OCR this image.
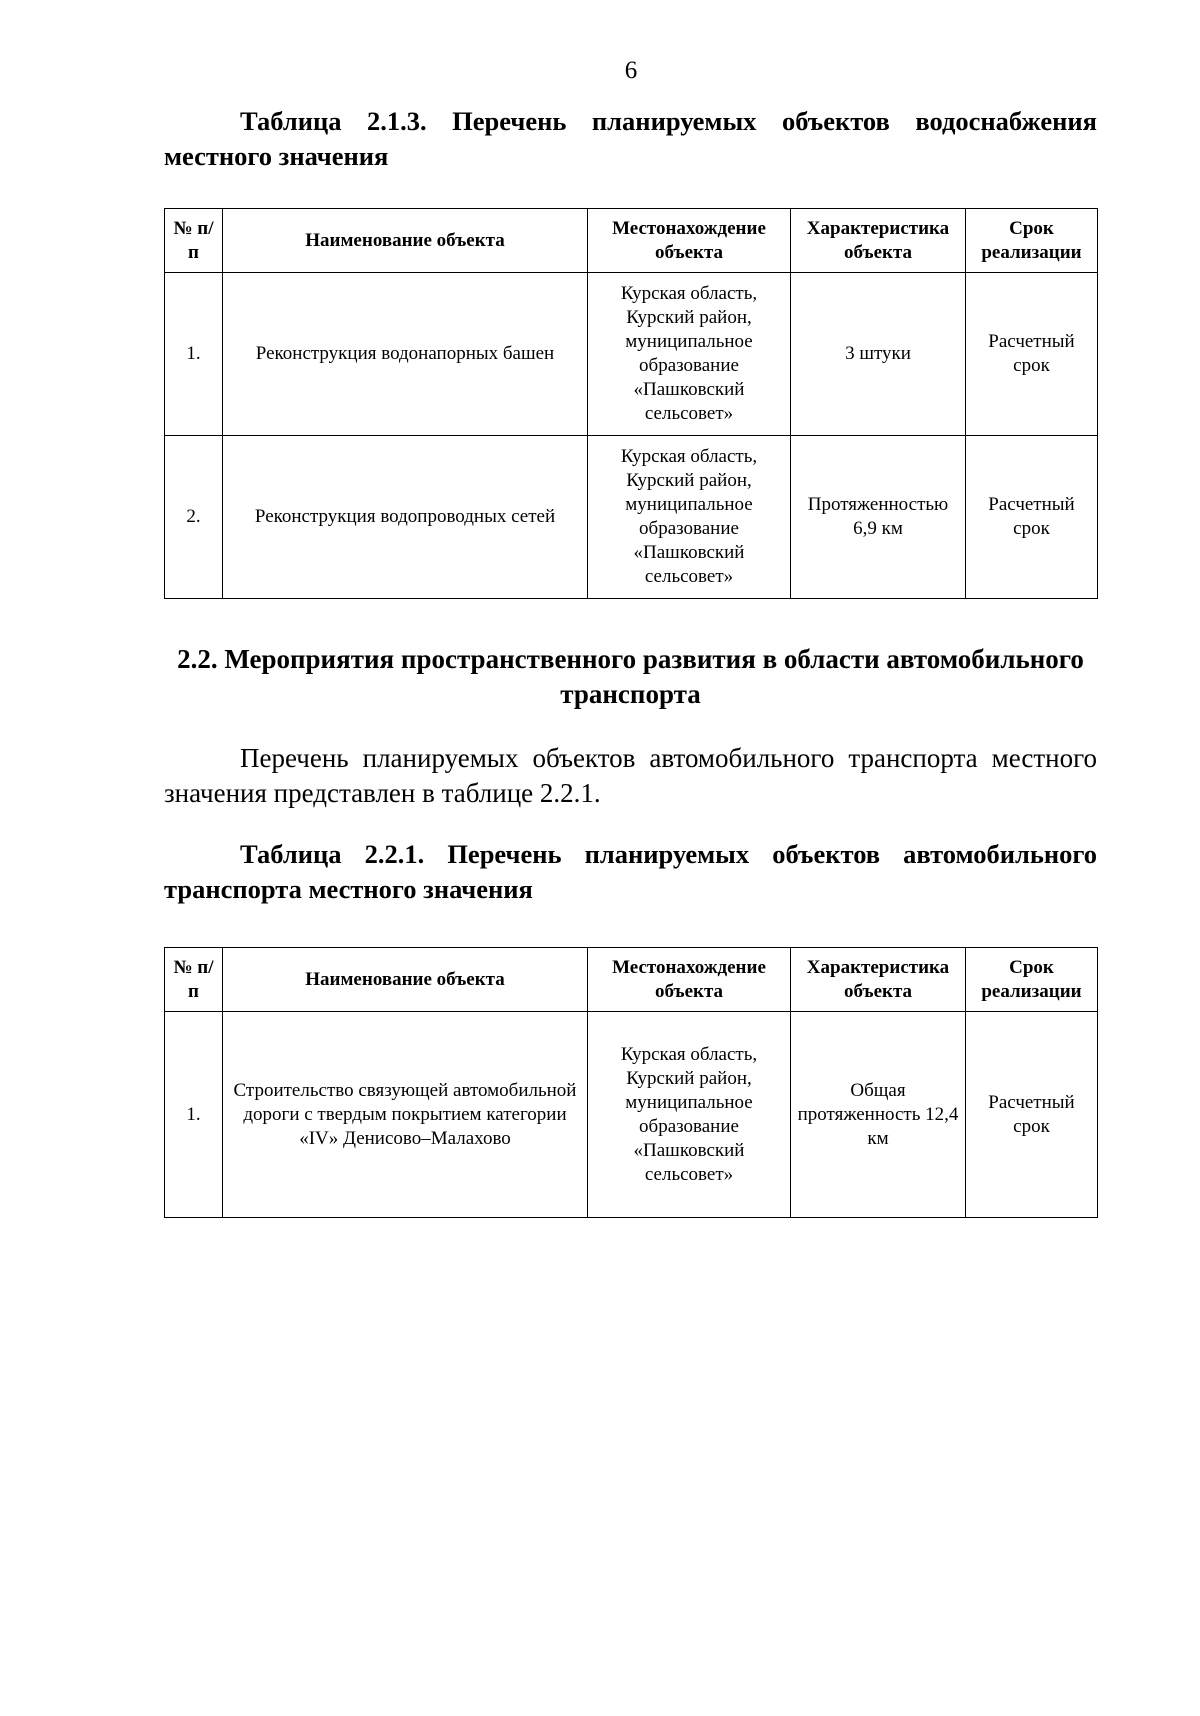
6
Таблица 2.1.3. Перечень планируемых объектов водоснабжения местного значения
№ п/п	Наименование объекта	Местонахождение объекта	Характеристика объекта	Срок реализации
1.	Реконструкция водонапорных башен	Курская область, Курский район, муниципальное образование «Пашковский сельсовет»	3 штуки	Расчетный срок
2.	Реконструкция водопроводных сетей	Курская область, Курский район, муниципальное образование «Пашковский сельсовет»	Протяженностью 6,9 км	Расчетный срок
2.2. Мероприятия пространственного развития в области автомобильного транспорта
Перечень планируемых объектов автомобильного транспорта местного значения представлен в таблице 2.2.1.
Таблица 2.2.1. Перечень планируемых объектов автомобильного транспорта местного значения
№ п/п	Наименование объекта	Местонахождение объекта	Характеристика объекта	Срок реализации
1.	Строительство связующей автомобильной дороги с твердым покрытием категории «IV» Денисово–Малахово	Курская область, Курский район, муниципальное образование «Пашковский сельсовет»	Общая протяженность 12,4 км	Расчетный срок
